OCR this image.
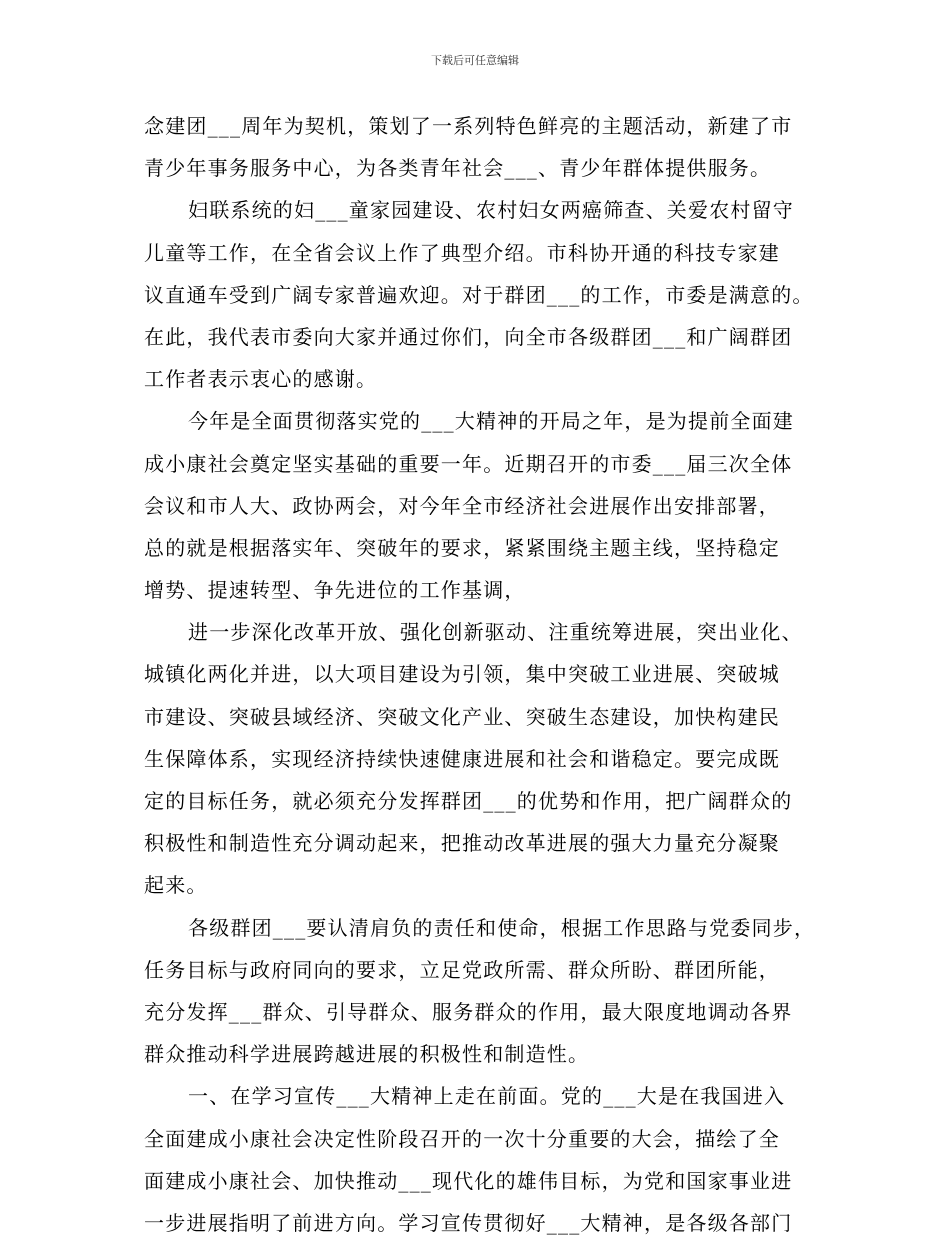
下载后可任意编辑
念建团___周年为契机，策划了一系列特色鲜亮的主题活动，新建了市
青少年事务服务中心，为各类青年社会___、青少年群体提供服务。
妇联系统的妇___童家园建设、农村妇女两癌筛查、关爱农村留守
儿童等工作，在全省会议上作了典型介绍。市科协开通的科技专家建
议直通车受到广阔专家普遍欢迎。对于群团___的工作，市委是满意的。
在此，我代表市委向大家并通过你们，向全市各级群团___和广阔群团
工作者表示衷心的感谢。
今年是全面贯彻落实党的___大精神的开局之年，是为提前全面建
成小康社会奠定坚实基础的重要一年。近期召开的市委___届三次全体
会议和市人大、政协两会，对今年全市经济社会进展作出安排部署，
总的就是根据落实年、突破年的要求，紧紧围绕主题主线，坚持稳定
增势、提速转型、争先进位的工作基调，
进一步深化改革开放、强化创新驱动、注重统筹进展，突出业化、
城镇化两化并进，以大项目建设为引领，集中突破工业进展、突破城
市建设、突破县域经济、突破文化产业、突破生态建设，加快构建民
生保障体系，实现经济持续快速健康进展和社会和谐稳定。要完成既
定的目标任务，就必须充分发挥群团___的优势和作用，把广阔群众的
积极性和制造性充分调动起来，把推动改革进展的强大力量充分凝聚
起来。
各级群团___要认清肩负的责任和使命，根据工作思路与党委同步，
任务目标与政府同向的要求，立足党政所需、群众所盼、群团所能，
充分发挥___群众、引导群众、服务群众的作用，最大限度地调动各界
群众推动科学进展跨越进展的积极性和制造性。
一、在学习宣传___大精神上走在前面。党的___大是在我国进入
全面建成小康社会决定性阶段召开的一次十分重要的大会，描绘了全
面建成小康社会、加快推动___现代化的雄伟目标，为党和国家事业进
一步进展指明了前进方向。学习宣传贯彻好___大精神，是各级各部门
